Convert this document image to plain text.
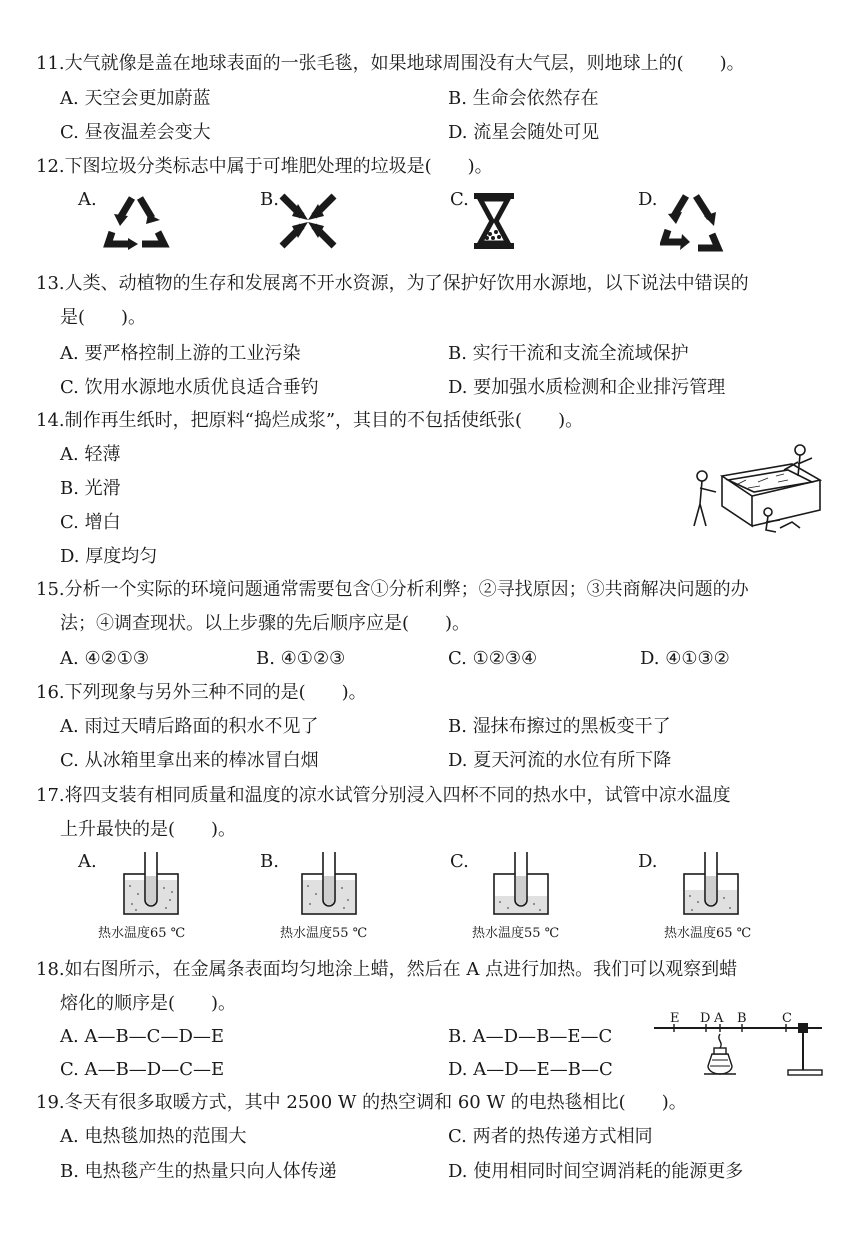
11.大气就像是盖在地球表面的一张毛毯，如果地球周围没有大气层，则地球上的(　　)。
A. 天空会更加蔚蓝	B. 生命会依然存在
C. 昼夜温差会变大	D. 流星会随处可见
12.下图垃圾分类标志中属于可堆肥处理的垃圾是(　　)。
A.	B.	C.	D.
13.人类、动植物的生存和发展离不开水资源，为了保护好饮用水源地，以下说法中错误的
是(　　)。
A. 要严格控制上游的工业污染	B. 实行干流和支流全流域保护
C. 饮用水源地水质优良适合垂钓	D. 要加强水质检测和企业排污管理
14.制作再生纸时，把原料“捣烂成浆”，其目的不包括使纸张(　　)。
A. 轻薄
B. 光滑
C. 增白
D. 厚度均匀
15.分析一个实际的环境问题通常需要包含①分析利弊；②寻找原因；③共商解决问题的办
法；④调查现状。以上步骤的先后顺序应是(　　)。
A. ④②①③	B. ④①②③	C. ①②③④	D. ④①③②
16.下列现象与另外三种不同的是(　　)。
A. 雨过天晴后路面的积水不见了	B. 湿抹布擦过的黑板变干了
C. 从冰箱里拿出来的棒冰冒白烟	D. 夏天河流的水位有所下降
17.将四支装有相同质量和温度的凉水试管分别浸入四杯不同的热水中，试管中凉水温度
上升最快的是(　　)。
A.
热水温度65 ℃
B.
热水温度55 ℃
C.
热水温度55 ℃
D.
热水温度65 ℃
18.如右图所示，在金属条表面均匀地涂上蜡，然后在 A 点进行加热。我们可以观察到蜡
熔化的顺序是(　　)。
A. A—B—C—D—E	B. A—D—B—E—C
C. A—B—D—C—E	D. A—D—E—B—C
E D A B	C
19.冬天有很多取暖方式，其中 2500 W 的热空调和 60 W 的电热毯相比(　　)。
A. 电热毯加热的范围大	C. 两者的热传递方式相同
B. 电热毯产生的热量只向人体传递	D. 使用相同时间空调消耗的能源更多
